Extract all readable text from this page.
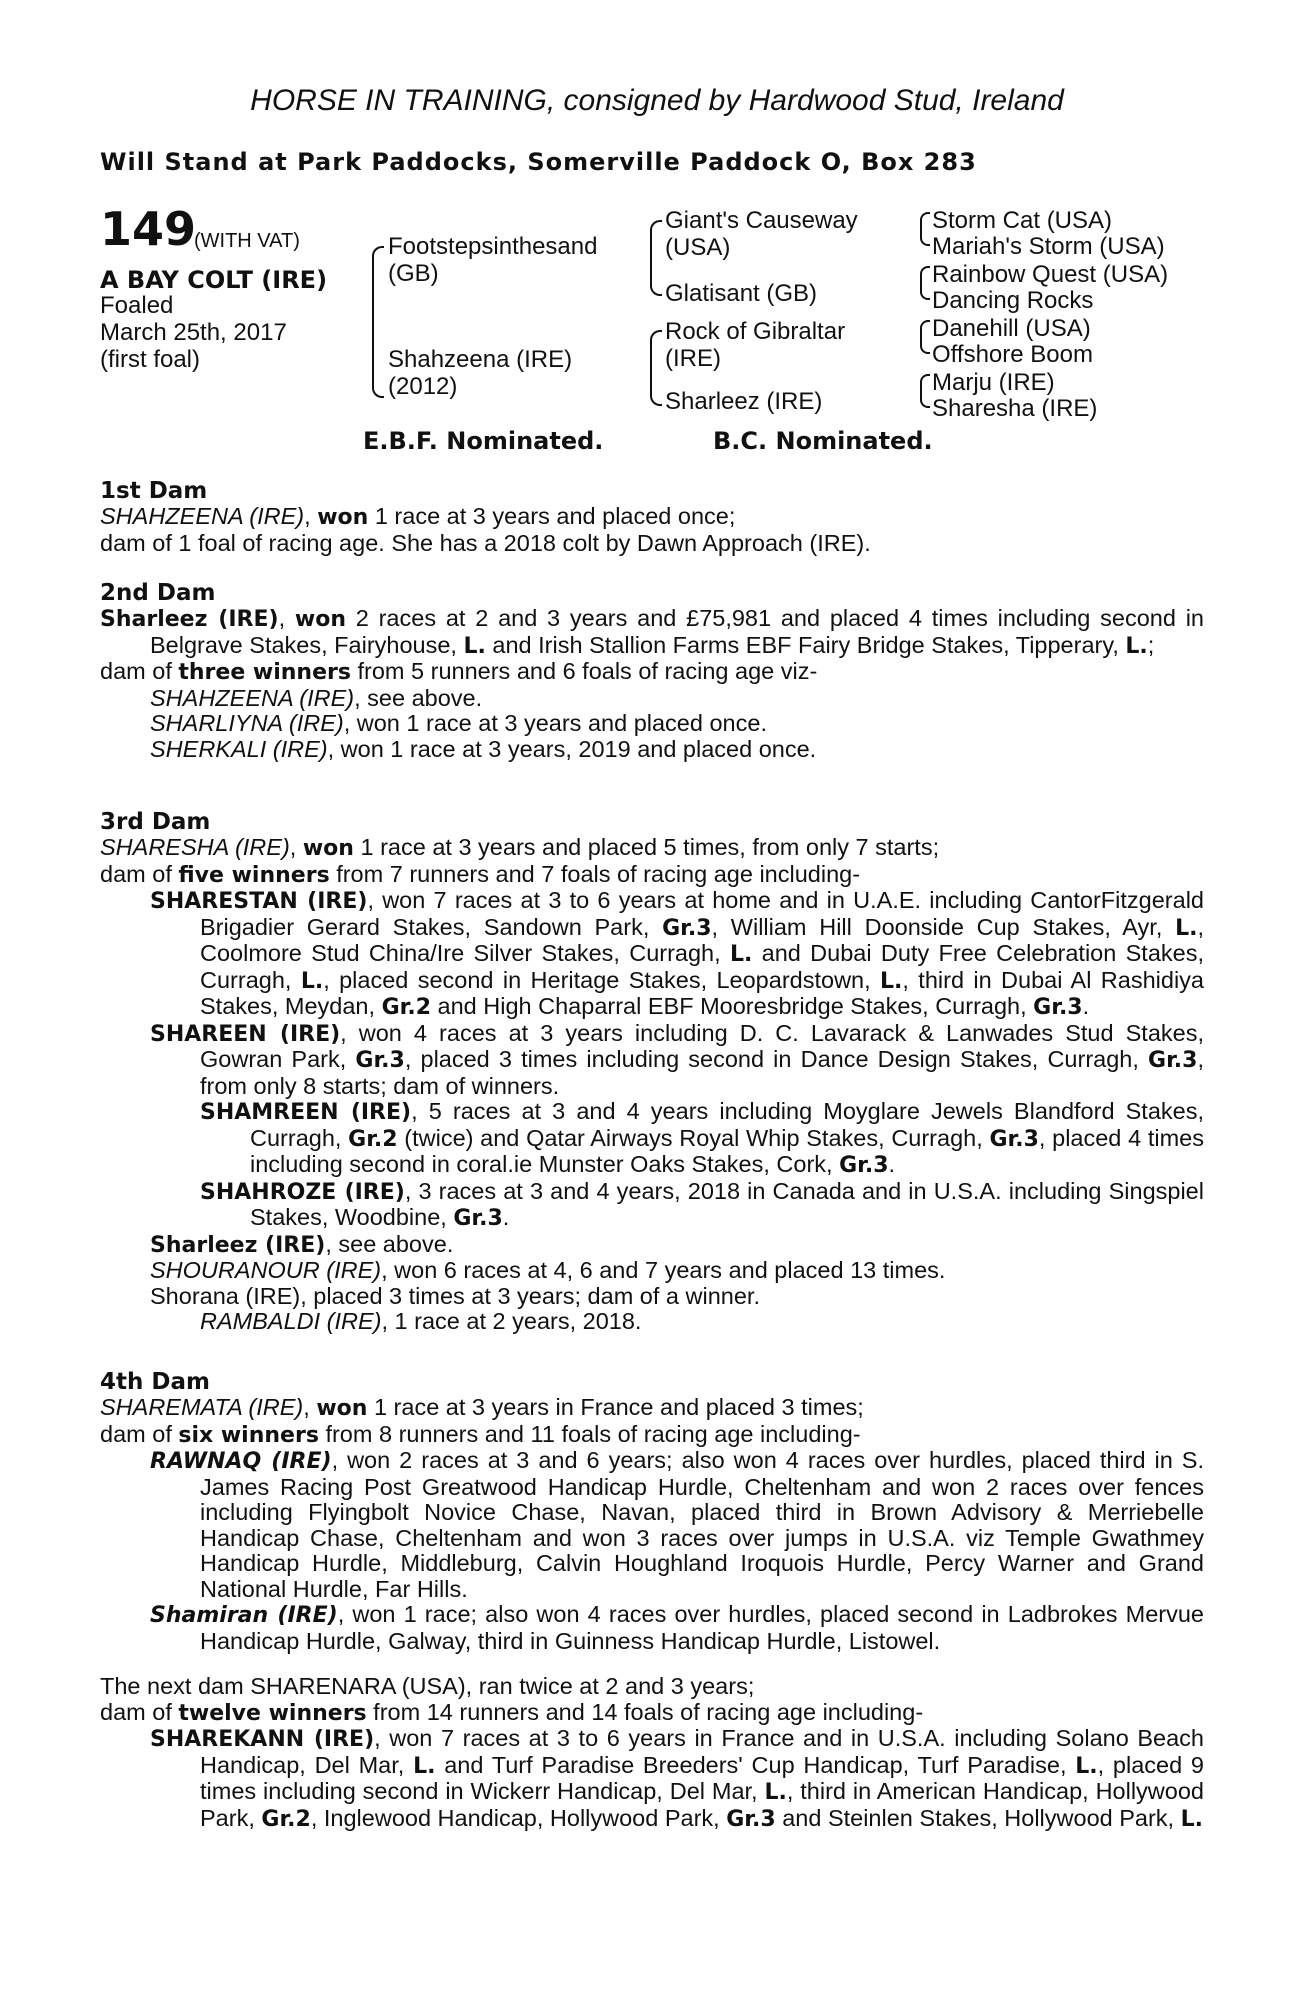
HORSE IN TRAINING, consigned by Hardwood Stud, Ireland
Will Stand at Park Paddocks, Somerville Paddock O, Box 283
149
(WITH VAT)
A BAY COLT (IRE)
Foaled
March 25th, 2017
(first foal)
Footstepsinthesand
(GB)
Shahzeena (IRE)
(2012)
Giant's Causeway
(USA)
Glatisant (GB)
Rock of Gibraltar
(IRE)
Sharleez (IRE)
Storm Cat (USA)
Mariah's Storm (USA)
Rainbow Quest (USA)
Dancing Rocks
Danehill (USA)
Offshore Boom
Marju (IRE)
Sharesha (IRE)
E.B.F. Nominated.	B.C. Nominated.
1st Dam
SHAHZEENA (IRE), won 1 race at 3 years and placed once;
dam of 1 foal of racing age. She has a 2018 colt by Dawn Approach (IRE).
2nd Dam
Sharleez (IRE), won 2 races at 2 and 3 years and £75,981 and placed 4 times including second in Belgrave Stakes, Fairyhouse, L. and Irish Stallion Farms EBF Fairy Bridge Stakes, Tipperary, L.;
dam of three winners from 5 runners and 6 foals of racing age viz-
SHAHZEENA (IRE), see above.
SHARLIYNA (IRE), won 1 race at 3 years and placed once.
SHERKALI (IRE), won 1 race at 3 years, 2019 and placed once.
3rd Dam
SHARESHA (IRE), won 1 race at 3 years and placed 5 times, from only 7 starts;
dam of five winners from 7 runners and 7 foals of racing age including-
SHARESTAN (IRE), won 7 races at 3 to 6 years at home and in U.A.E. including CantorFitzgerald Brigadier Gerard Stakes, Sandown Park, Gr.3, William Hill Doonside Cup Stakes, Ayr, L., Coolmore Stud China/Ire Silver Stakes, Curragh, L. and Dubai Duty Free Celebration Stakes, Curragh, L., placed second in Heritage Stakes, Leopardstown, L., third in Dubai Al Rashidiya Stakes, Meydan, Gr.2 and High Chaparral EBF Mooresbridge Stakes, Curragh, Gr.3.
SHAREEN (IRE), won 4 races at 3 years including D. C. Lavarack & Lanwades Stud Stakes, Gowran Park, Gr.3, placed 3 times including second in Dance Design Stakes, Curragh, Gr.3, from only 8 starts; dam of winners.
SHAMREEN (IRE), 5 races at 3 and 4 years including Moyglare Jewels Blandford Stakes, Curragh, Gr.2 (twice) and Qatar Airways Royal Whip Stakes, Curragh, Gr.3, placed 4 times including second in coral.ie Munster Oaks Stakes, Cork, Gr.3.
SHAHROZE (IRE), 3 races at 3 and 4 years, 2018 in Canada and in U.S.A. including Singspiel Stakes, Woodbine, Gr.3.
Sharleez (IRE), see above.
SHOURANOUR (IRE), won 6 races at 4, 6 and 7 years and placed 13 times.
Shorana (IRE), placed 3 times at 3 years; dam of a winner.
RAMBALDI (IRE), 1 race at 2 years, 2018.
4th Dam
SHAREMATA (IRE), won 1 race at 3 years in France and placed 3 times;
dam of six winners from 8 runners and 11 foals of racing age including-
RAWNAQ (IRE), won 2 races at 3 and 6 years; also won 4 races over hurdles, placed third in S. James Racing Post Greatwood Handicap Hurdle, Cheltenham and won 2 races over fences including Flyingbolt Novice Chase, Navan, placed third in Brown Advisory & Merriebelle Handicap Chase, Cheltenham and won 3 races over jumps in U.S.A. viz Temple Gwathmey Handicap Hurdle, Middleburg, Calvin Houghland Iroquois Hurdle, Percy Warner and Grand National Hurdle, Far Hills.
Shamiran (IRE), won 1 race; also won 4 races over hurdles, placed second in Ladbrokes Mervue Handicap Hurdle, Galway, third in Guinness Handicap Hurdle, Listowel.
The next dam SHARENARA (USA), ran twice at 2 and 3 years;
dam of twelve winners from 14 runners and 14 foals of racing age including-
SHAREKANN (IRE), won 7 races at 3 to 6 years in France and in U.S.A. including Solano Beach Handicap, Del Mar, L. and Turf Paradise Breeders' Cup Handicap, Turf Paradise, L., placed 9 times including second in Wickerr Handicap, Del Mar, L., third in American Handicap, Hollywood Park, Gr.2, Inglewood Handicap, Hollywood Park, Gr.3 and Steinlen Stakes, Hollywood Park, L.
